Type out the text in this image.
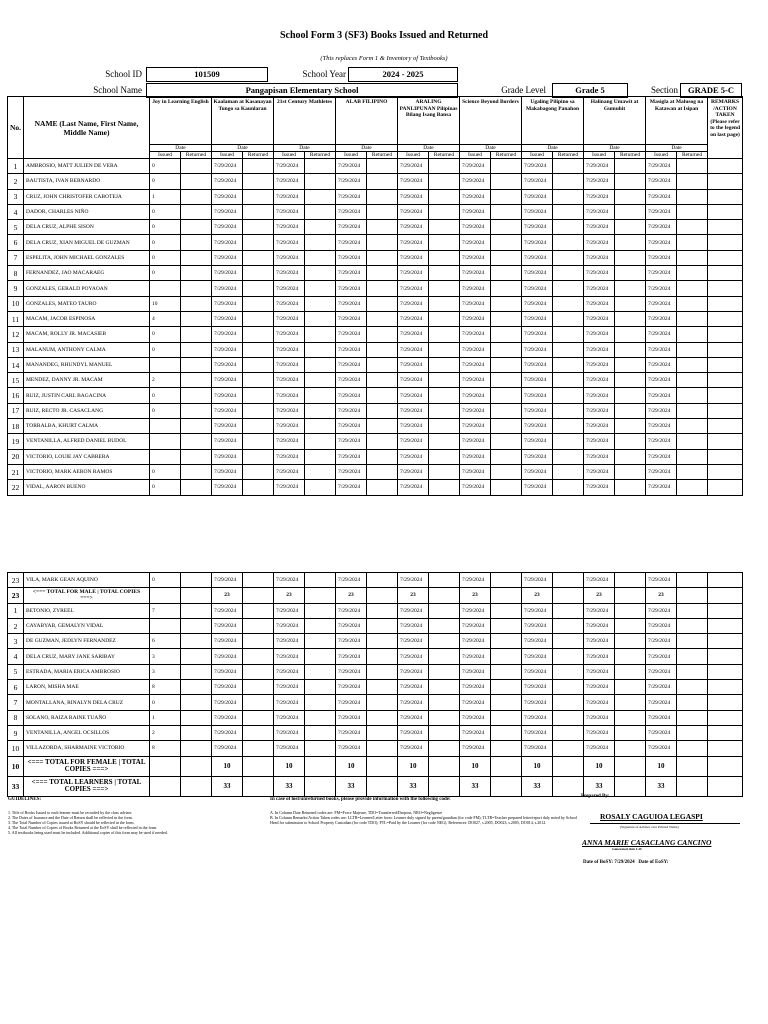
School Form 3 (SF3) Books Issued and Returned
(This replaces Form 1 & Inventory of Textbooks)
School ID	101509	School Year	2024 - 2025
School Name	Pangapisan Elementary School	Grade Level	Grade 5	Section	GRADE 5-C
No.	NAME (Last Name, First Name, Middle Name)	Joy in Learning English		Kaalaman at Kasanayan Tungo sa Kaunlaran		21st Century Mathletes		ALAB FILIPINO		ARALING PANLIPUNAN Pilipinas Bilang Isang Bansa		Science Beyond Borders		Ugaling Pilipino sa Makabagong Panahon		Halinang Umawit at Gumuhit		Masigla at Malusog na Katawan at Isipan		REMARKS /ACTION TAKEN (Please refer to the legend on last page)
		Date		Date		Date		Date		Date		Date		Date		Date		Date		
		Issued	Returned	Issued	Returned	Issued	Returned	Issued	Returned	Issued	Returned	Issued	Returned	Issued	Returned	Issued	Returned	Issued	Returned	
1	AMBROSIO, MATT JULIEN DE VERA	0		7/29/2024		7/29/2024		7/29/2024		7/29/2024		7/29/2024		7/29/2024		7/29/2024		7/29/2024		
2	BAUTISTA, IVAN BERNARDO	0		7/29/2024		7/29/2024		7/29/2024		7/29/2024		7/29/2024		7/29/2024		7/29/2024		7/29/2024		
3	CRUZ, JOHN CHRISTOFER CABOTEJA	1		7/29/2024		7/29/2024		7/29/2024		7/29/2024		7/29/2024		7/29/2024		7/29/2024		7/29/2024		
4	DADOR, CHARLES NIÑO	0		7/29/2024		7/29/2024		7/29/2024		7/29/2024		7/29/2024		7/29/2024		7/29/2024		7/29/2024		
5	DELA CRUZ, ALPHE SISON	0		7/29/2024		7/29/2024		7/29/2024		7/29/2024		7/29/2024		7/29/2024		7/29/2024		7/29/2024		
6	DELA CRUZ, XIAN MIGUEL DE GUZMAN	0		7/29/2024		7/29/2024		7/29/2024		7/29/2024		7/29/2024		7/29/2024		7/29/2024		7/29/2024		
7	ESPELITA, JOHN MICHAEL GONZALES	0		7/29/2024		7/29/2024		7/29/2024		7/29/2024		7/29/2024		7/29/2024		7/29/2024		7/29/2024		
8	FERNANDEZ, JAO MACARAEG	0		7/29/2024		7/29/2024		7/29/2024		7/29/2024		7/29/2024		7/29/2024		7/29/2024		7/29/2024		
9	GONZALES, GERALD POYAOAN			7/29/2024		7/29/2024		7/29/2024		7/29/2024		7/29/2024		7/29/2024		7/29/2024		7/29/2024		
10	GONZALES, MATEO TAURO	10		7/29/2024		7/29/2024		7/29/2024		7/29/2024		7/29/2024		7/29/2024		7/29/2024		7/29/2024		
11	MACAM, JACOB ESPINOSA	4		7/29/2024		7/29/2024		7/29/2024		7/29/2024		7/29/2024		7/29/2024		7/29/2024		7/29/2024		
12	MACAM, ROLLY JR. MACASIEB	0		7/29/2024		7/29/2024		7/29/2024		7/29/2024		7/29/2024		7/29/2024		7/29/2024		7/29/2024		
13	MALANUM, ANTHONY CALMA	0		7/29/2024		7/29/2024		7/29/2024		7/29/2024		7/29/2024		7/29/2024		7/29/2024		7/29/2024		
14	MANANDEG, RHUNDYL MANUEL			7/29/2024		7/29/2024		7/29/2024		7/29/2024		7/29/2024		7/29/2024		7/29/2024		7/29/2024		
15	MENDEZ, DANNY JR. MACAM	2		7/29/2024		7/29/2024		7/29/2024		7/29/2024		7/29/2024		7/29/2024		7/29/2024		7/29/2024		
16	RUIZ, JUSTIN CARL BAGACINA	0		7/29/2024		7/29/2024		7/29/2024		7/29/2024		7/29/2024		7/29/2024		7/29/2024		7/29/2024		
17	RUIZ, RECTO JR. CASACLANG	0		7/29/2024		7/29/2024		7/29/2024		7/29/2024		7/29/2024		7/29/2024		7/29/2024		7/29/2024		
18	TORRALBA, KHURT CALMA			7/29/2024		7/29/2024		7/29/2024		7/29/2024		7/29/2024		7/29/2024		7/29/2024		7/29/2024		
19	VENTANILLA, ALFRED DANIEL BUDOL			7/29/2024		7/29/2024		7/29/2024		7/29/2024		7/29/2024		7/29/2024		7/29/2024		7/29/2024		
20	VICTORIO, LOUIE JAY CABRERA			7/29/2024		7/29/2024		7/29/2024		7/29/2024		7/29/2024		7/29/2024		7/29/2024		7/29/2024		
21	VICTORIO, MARK AERON RAMOS	0		7/29/2024		7/29/2024		7/29/2024		7/29/2024		7/29/2024		7/29/2024		7/29/2024		7/29/2024		
22	VIDAL, AARON BUENO	0		7/29/2024		7/29/2024		7/29/2024		7/29/2024		7/29/2024		7/29/2024		7/29/2024		7/29/2024		
23	VILA, MARK GEAN AQUINO	0		7/29/2024		7/29/2024		7/29/2024		7/29/2024		7/29/2024		7/29/2024		7/29/2024		7/29/2024		
23	<=== TOTAL FOR MALE | TOTAL COPIES ===>			23		23		23		23		23		23		23		23		
1	BETONIO, ZYREEL	7		7/29/2024		7/29/2024		7/29/2024		7/29/2024		7/29/2024		7/29/2024		7/29/2024		7/29/2024		
2	CAYABYAB, GEMALYN VIDAL			7/29/2024		7/29/2024		7/29/2024		7/29/2024		7/29/2024		7/29/2024		7/29/2024		7/29/2024		
3	DE GUZMAN, JEDLYN FERNANDEZ	6		7/29/2024		7/29/2024		7/29/2024		7/29/2024		7/29/2024		7/29/2024		7/29/2024		7/29/2024		
4	DELA CRUZ, MARY JANE SARIBAY	3		7/29/2024		7/29/2024		7/29/2024		7/29/2024		7/29/2024		7/29/2024		7/29/2024		7/29/2024		
5	ESTRADA, MARIA ERICA AMBROSIO	3		7/29/2024		7/29/2024		7/29/2024		7/29/2024		7/29/2024		7/29/2024		7/29/2024		7/29/2024		
6	LARON, MISHA MAE	8		7/29/2024		7/29/2024		7/29/2024		7/29/2024		7/29/2024		7/29/2024		7/29/2024		7/29/2024		
7	MONTALLANA, RINALYN DELA CRUZ	0		7/29/2024		7/29/2024		7/29/2024		7/29/2024		7/29/2024		7/29/2024		7/29/2024		7/29/2024		
8	SOLANO, RAIZA RAINE TUAÑO	1		7/29/2024		7/29/2024		7/29/2024		7/29/2024		7/29/2024		7/29/2024		7/29/2024		7/29/2024		
9	VENTANILLA, ANGEL OCSILLOS	2		7/29/2024		7/29/2024		7/29/2024		7/29/2024		7/29/2024		7/29/2024		7/29/2024		7/29/2024		
10	VILLAZORDA, SHARMAINE VICTORIO	8		7/29/2024		7/29/2024		7/29/2024		7/29/2024		7/29/2024		7/29/2024		7/29/2024		7/29/2024		
10	<=== TOTAL FOR FEMALE | TOTAL COPIES ===>			10		10		10		10		10		10		10		10		
33	<=== TOTAL LEARNERS | TOTAL COPIES ===>			33		33		33		33		33		33		33		33		
GUIDELINES:
1. Title of Books Issued to each learner must be recorded by the class adviser.
2. The Dates of Issuance and the Date of Return shall be reflected in the form.
3. The Total Number of Copies issued at BoSY should be reflected in the form.
4. The Total Number of Copies of Books Returned at the EoSY shall be reflected in the form.
5. All textbooks being used must be included. Additional copies of this form may be used if needed.
In case of lost/unreturned books, please provide information with the following code:
A. In Column Date Returned codes are: FM=Force Majeure, TDO=Transferred/Dropout, NRO=Negligence
B. In Column Remarks/Action Taken codes are: LLTR=Learner/Letter form: Learner duly signed by parent/guardian (for code FM); TLTR=Teacher prepared letter/report duly noted by School Head for submission to School Property Custodian (for code TDO); PTL=Paid by the Learner (for code NEG). References: DO027, s.2005, DO023, s.2005, DO014, s.2012.
Prepared By:
ROSALY CAGUIOA LEGASPI
(Signature of Adviser over Printed Name)
ANNA MARIE CASACLANG CANCINO
Generated thru LIS
Date of BoSY: 7/29/2024   Date of EoSY:
